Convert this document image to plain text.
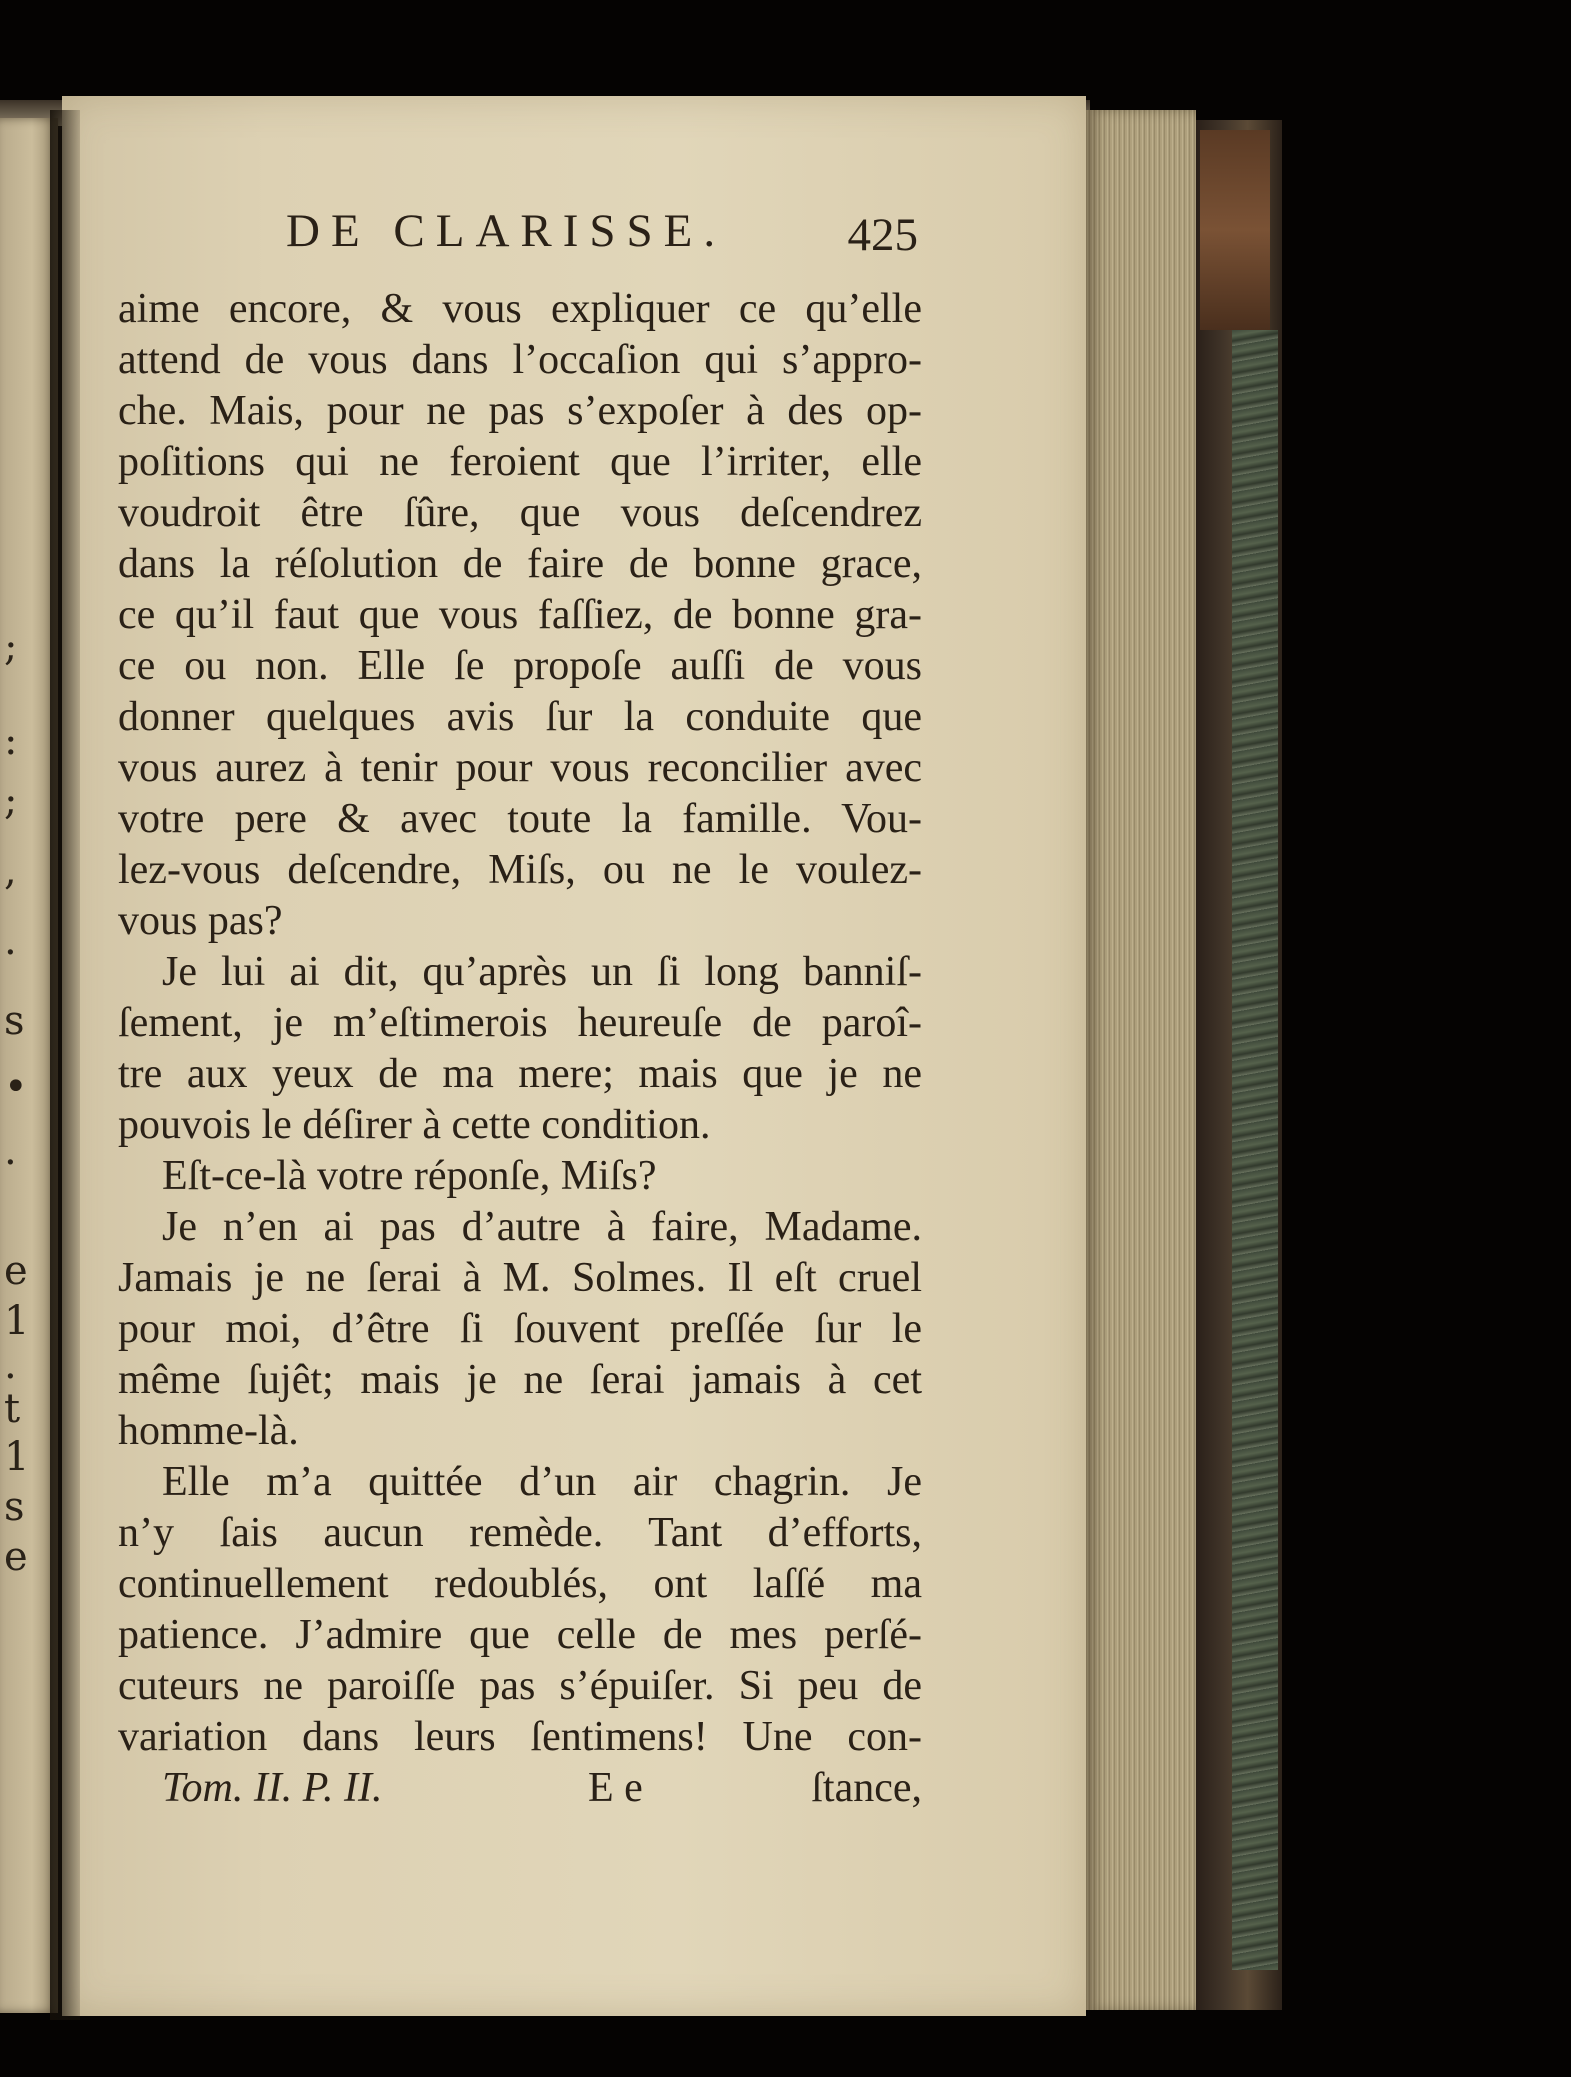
;
:
;
,
.
s
•
.
e
1
.
t
1
s
e
DE CLARISSE.	425
aime encore, & vous expliquer ce qu’elle
attend de vous dans l’occaſion qui s’appro-
che. Mais, pour ne pas s’expoſer à des op-
poſitions qui ne feroient que l’irriter, elle
voudroit être ſûre, que vous deſcendrez
dans la réſolution de faire de bonne grace,
ce qu’il faut que vous faſſiez, de bonne gra-
ce ou non. Elle ſe propoſe auſſi de vous
donner quelques avis ſur la conduite que
vous aurez à tenir pour vous reconcilier avec
votre pere & avec toute la famille. Vou-
lez-vous deſcendre, Miſs, ou ne le voulez-
vous pas?
Je lui ai dit, qu’après un ſi long banniſ-
ſement, je m’eſtimerois heureuſe de paroî-
tre aux yeux de ma mere; mais que je ne
pouvois le déſirer à cette condition.
Eſt-ce-là votre réponſe, Miſs?
Je n’en ai pas d’autre à faire, Madame.
Jamais je ne ſerai à M. Solmes. Il eſt cruel
pour moi, d’être ſi ſouvent preſſée ſur le
même ſujêt; mais je ne ſerai jamais à cet
homme-là.
Elle m’a quittée d’un air chagrin. Je
n’y ſais aucun remède. Tant d’efforts,
continuellement redoublés, ont laſſé ma
patience. J’admire que celle de mes perſé-
cuteurs ne paroiſſe pas s’épuiſer. Si peu de
variation dans leurs ſentimens! Une con-
Tom. II. P. II.	E e	ſtance,
